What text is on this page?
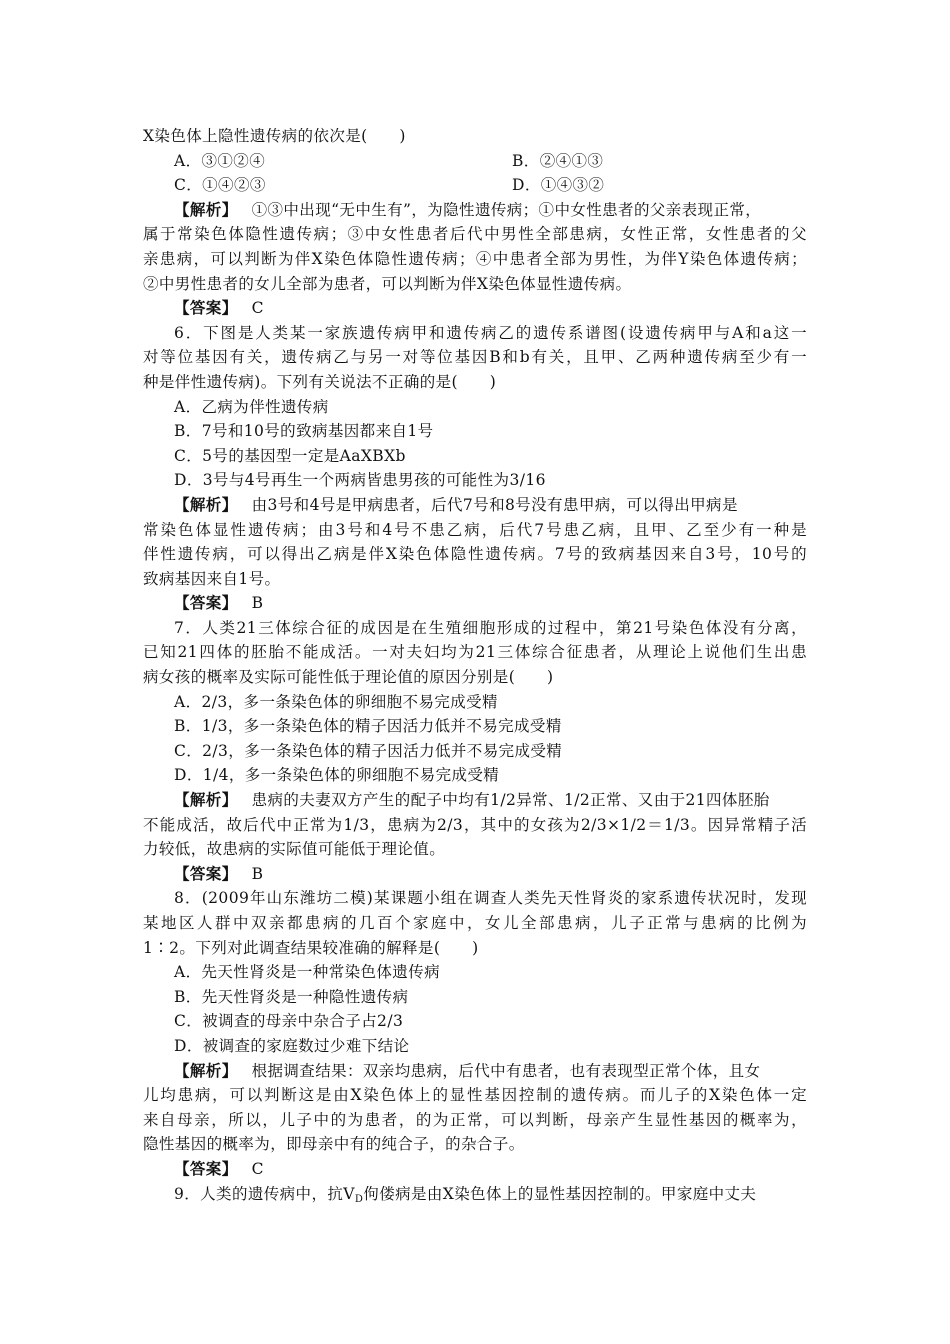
X染色体上隐性遗传病的依次是(　　)
A．③①②④	B．②④①③
C．①④②③	D．①④③②
【解析】 ①③中出现“无中生有”，为隐性遗传病；①中女性患者的父亲表现正常，
属于常染色体隐性遗传病；③中女性患者后代中男性全部患病，女性正常，女性患者的父
亲患病，可以判断为伴X染色体隐性遗传病；④中患者全部为男性，为伴Y染色体遗传病；
②中男性患者的女儿全部为患者，可以判断为伴X染色体显性遗传病。
【答案】 C
6．下图是人类某一家族遗传病甲和遗传病乙的遗传系谱图(设遗传病甲与A和a这一
对等位基因有关，遗传病乙与另一对等位基因B和b有关，且甲、乙两种遗传病至少有一
种是伴性遗传病)。下列有关说法不正确的是(　　)
A．乙病为伴性遗传病
B．7号和10号的致病基因都来自1号
C．5号的基因型一定是AaXBXb
D．3号与4号再生一个两病皆患男孩的可能性为3/16
【解析】 由3号和4号是甲病患者，后代7号和8号没有患甲病，可以得出甲病是
常染色体显性遗传病；由3号和4号不患乙病，后代7号患乙病，且甲、乙至少有一种是
伴性遗传病，可以得出乙病是伴X染色体隐性遗传病。7号的致病基因来自3号，10号的
致病基因来自1号。
【答案】 B
7．人类21三体综合征的成因是在生殖细胞形成的过程中，第21号染色体没有分离，
已知21四体的胚胎不能成活。一对夫妇均为21三体综合征患者，从理论上说他们生出患
病女孩的概率及实际可能性低于理论值的原因分别是(　　)
A．2/3，多一条染色体的卵细胞不易完成受精
B．1/3，多一条染色体的精子因活力低并不易完成受精
C．2/3，多一条染色体的精子因活力低并不易完成受精
D．1/4，多一条染色体的卵细胞不易完成受精
【解析】 患病的夫妻双方产生的配子中均有1/2异常、1/2正常、又由于21四体胚胎
不能成活，故后代中正常为1/3，患病为2/3，其中的女孩为2/3×1/2＝1/3。因异常精子活
力较低，故患病的实际值可能低于理论值。
【答案】 B
8．(2009年山东潍坊二模)某课题小组在调查人类先天性肾炎的家系遗传状况时，发现
某地区人群中双亲都患病的几百个家庭中，女儿全部患病，儿子正常与患病的比例为
1∶2。下列对此调查结果较准确的解释是(　　)
A．先天性肾炎是一种常染色体遗传病
B．先天性肾炎是一种隐性遗传病
C．被调查的母亲中杂合子占2/3
D．被调查的家庭数过少难下结论
【解析】 根据调查结果：双亲均患病，后代中有患者，也有表现型正常个体，且女
儿均患病，可以判断这是由X染色体上的显性基因控制的遗传病。而儿子的X染色体一定
来自母亲，所以，儿子中的为患者，的为正常，可以判断，母亲产生显性基因的概率为，
隐性基因的概率为，即母亲中有的纯合子，的杂合子。
【答案】 C
9．人类的遗传病中，抗$V_D$佝偻病是由X染色体上的显性基因控制的。甲家庭中丈夫
